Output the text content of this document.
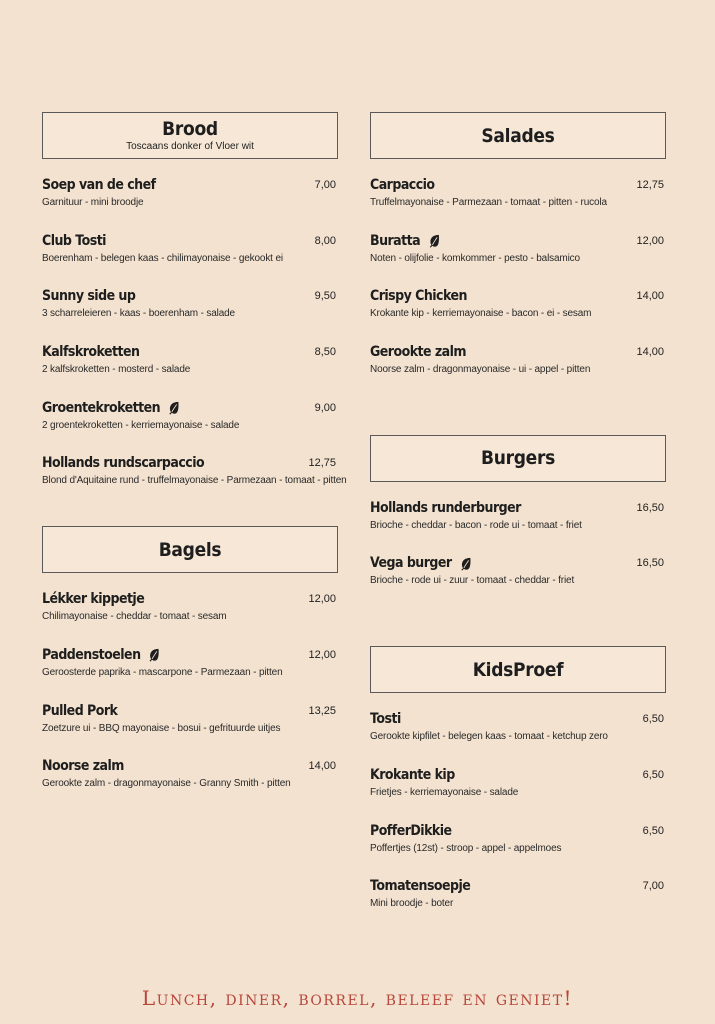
Brood
Toscaans donker of Vloer wit
Soep van de chef	7,00
Garnituur - mini broodje
Club Tosti	8,00
Boerenham - belegen kaas - chilimayonaise - gekookt ei
Sunny side up	9,50
3 scharreleieren - kaas - boerenham - salade
Kalfskroketten	8,50
2 kalfskroketten - mosterd - salade
Groentekroketten	9,00
2 groentekroketten - kerriemayonaise - salade
Hollands rundscarpaccio	12,75
Blond d'Aquitaine rund - truffelmayonaise - Parmezaan - tomaat - pitten
Bagels
Lékker kippetje	12,00
Chilimayonaise - cheddar - tomaat - sesam
Paddenstoelen	12,00
Geroosterde paprika - mascarpone - Parmezaan - pitten
Pulled Pork	13,25
Zoetzure ui - BBQ mayonaise - bosui - gefrituurde uitjes
Noorse zalm	14,00
Gerookte zalm - dragonmayonaise - Granny Smith - pitten
Salades
Carpaccio	12,75
Truffelmayonaise - Parmezaan - tomaat - pitten - rucola
Buratta	12,00
Noten - olijfolie - komkommer - pesto - balsamico
Crispy Chicken	14,00
Krokante kip - kerriemayonaise - bacon - ei - sesam
Gerookte zalm	14,00
Noorse zalm - dragonmayonaise - ui - appel - pitten
Burgers
Hollands runderburger	16,50
Brioche - cheddar - bacon - rode ui - tomaat - friet
Vega burger	16,50
Brioche - rode ui - zuur - tomaat - cheddar - friet
KidsProef
Tosti	6,50
Gerookte kipfilet - belegen kaas - tomaat - ketchup zero
Krokante kip	6,50
Frietjes - kerriemayonaise - salade
PofferDikkie	6,50
Poffertjes (12st) - stroop - appel - appelmoes
Tomatensoepje	7,00
Mini broodje - boter
Lunch, diner, borrel, beleef en geniet!
